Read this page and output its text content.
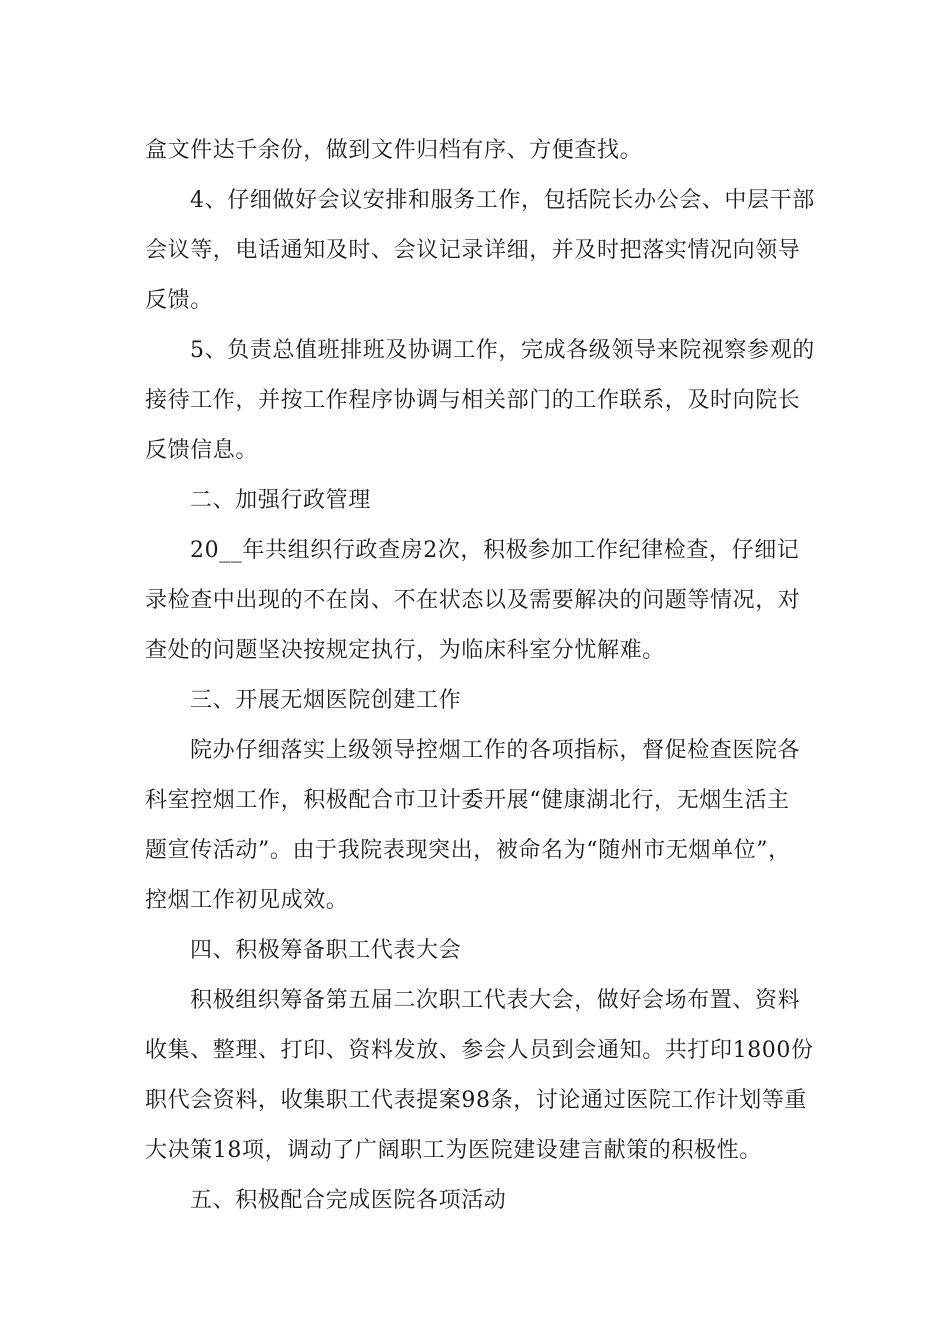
盒文件达千余份，做到文件归档有序、方便查找。
4、仔细做好会议安排和服务工作，包括院长办公会、中层干部
会议等，电话通知及时、会议记录详细，并及时把落实情况向领导
反馈。
5、负责总值班排班及协调工作，完成各级领导来院视察参观的
接待工作，并按工作程序协调与相关部门的工作联系，及时向院长
反馈信息。
二、加强行政管理
20__年共组织行政查房2次，积极参加工作纪律检查，仔细记
录检查中出现的不在岗、不在状态以及需要解决的问题等情况，对
查处的问题坚决按规定执行，为临床科室分忧解难。
三、开展无烟医院创建工作
院办仔细落实上级领导控烟工作的各项指标，督促检查医院各
科室控烟工作，积极配合市卫计委开展“健康湖北行，无烟生活主
题宣传活动”。由于我院表现突出，被命名为“随州市无烟单位”，
控烟工作初见成效。
四、积极筹备职工代表大会
积极组织筹备第五届二次职工代表大会，做好会场布置、资料
收集、整理、打印、资料发放、参会人员到会通知。共打印1800份
职代会资料，收集职工代表提案98条，讨论通过医院工作计划等重
大决策18项，调动了广阔职工为医院建设建言献策的积极性。
五、积极配合完成医院各项活动
